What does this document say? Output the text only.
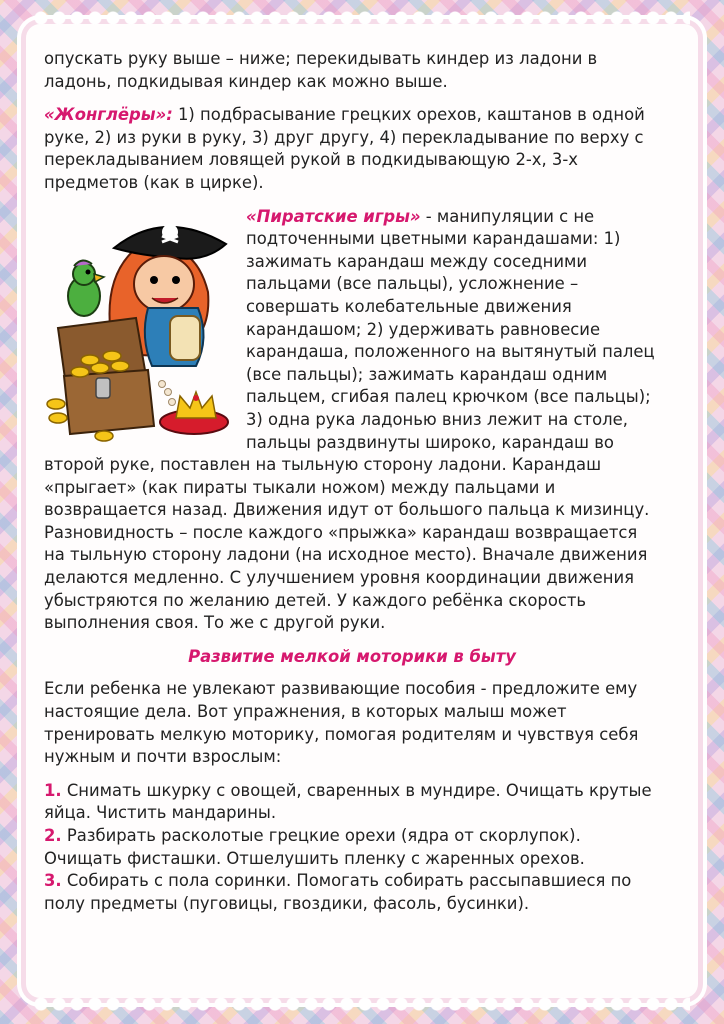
опускать руку выше – ниже; перекидывать киндер из ладони в ладонь, подкидывая киндер как можно выше.

«Жонглёры»: 1) подбрасывание грецких орехов, каштанов в одной руке, 2) из руки в руку, 3) друг другу, 4) перекладывание по верху с перекладыванием ловящей рукой в подкидывающую 2-х, 3-х предметов (как в цирке).

«Пиратские игры» - манипуляции с не подточенными цветными карандашами: 1) зажимать карандаш между соседними пальцами (все пальцы), усложнение – совершать колебательные движения карандашом; 2) удерживать равновесие карандаша, положенного на вытянутый палец (все пальцы); зажимать карандаш одним пальцем, сгибая палец крючком (все пальцы); 3) одна рука ладонью вниз лежит на столе, пальцы раздвинуты широко, карандаш во второй руке, поставлен на тыльную сторону ладони. Карандаш «прыгает» (как пираты тыкали ножом) между пальцами и возвращается назад. Движения идут от большого пальца к мизинцу. Разновидность – после каждого «прыжка» карандаш возвращается на тыльную сторону ладони (на исходное место). Вначале движения делаются медленно. С улучшением уровня координации движения убыстряются по желанию детей. У каждого ребёнка скорость выполнения своя. То же с другой руки.

Развитие мелкой моторики в быту

Если ребенка не увлекают развивающие пособия - предложите ему настоящие дела. Вот упражнения, в которых малыш может тренировать мелкую моторику, помогая родителям и чувствуя себя нужным и почти взрослым:

1. Снимать шкурку с овощей, сваренных в мундире. Очищать крутые яйца. Чистить мандарины.

2. Разбирать расколотые грецкие орехи (ядра от скорлупок). Очищать фисташки. Отшелушить пленку с жаренных орехов.

3. Собирать с пола соринки. Помогать собирать рассыпавшиеся по полу предметы (пуговицы, гвоздики, фасоль, бусинки).
